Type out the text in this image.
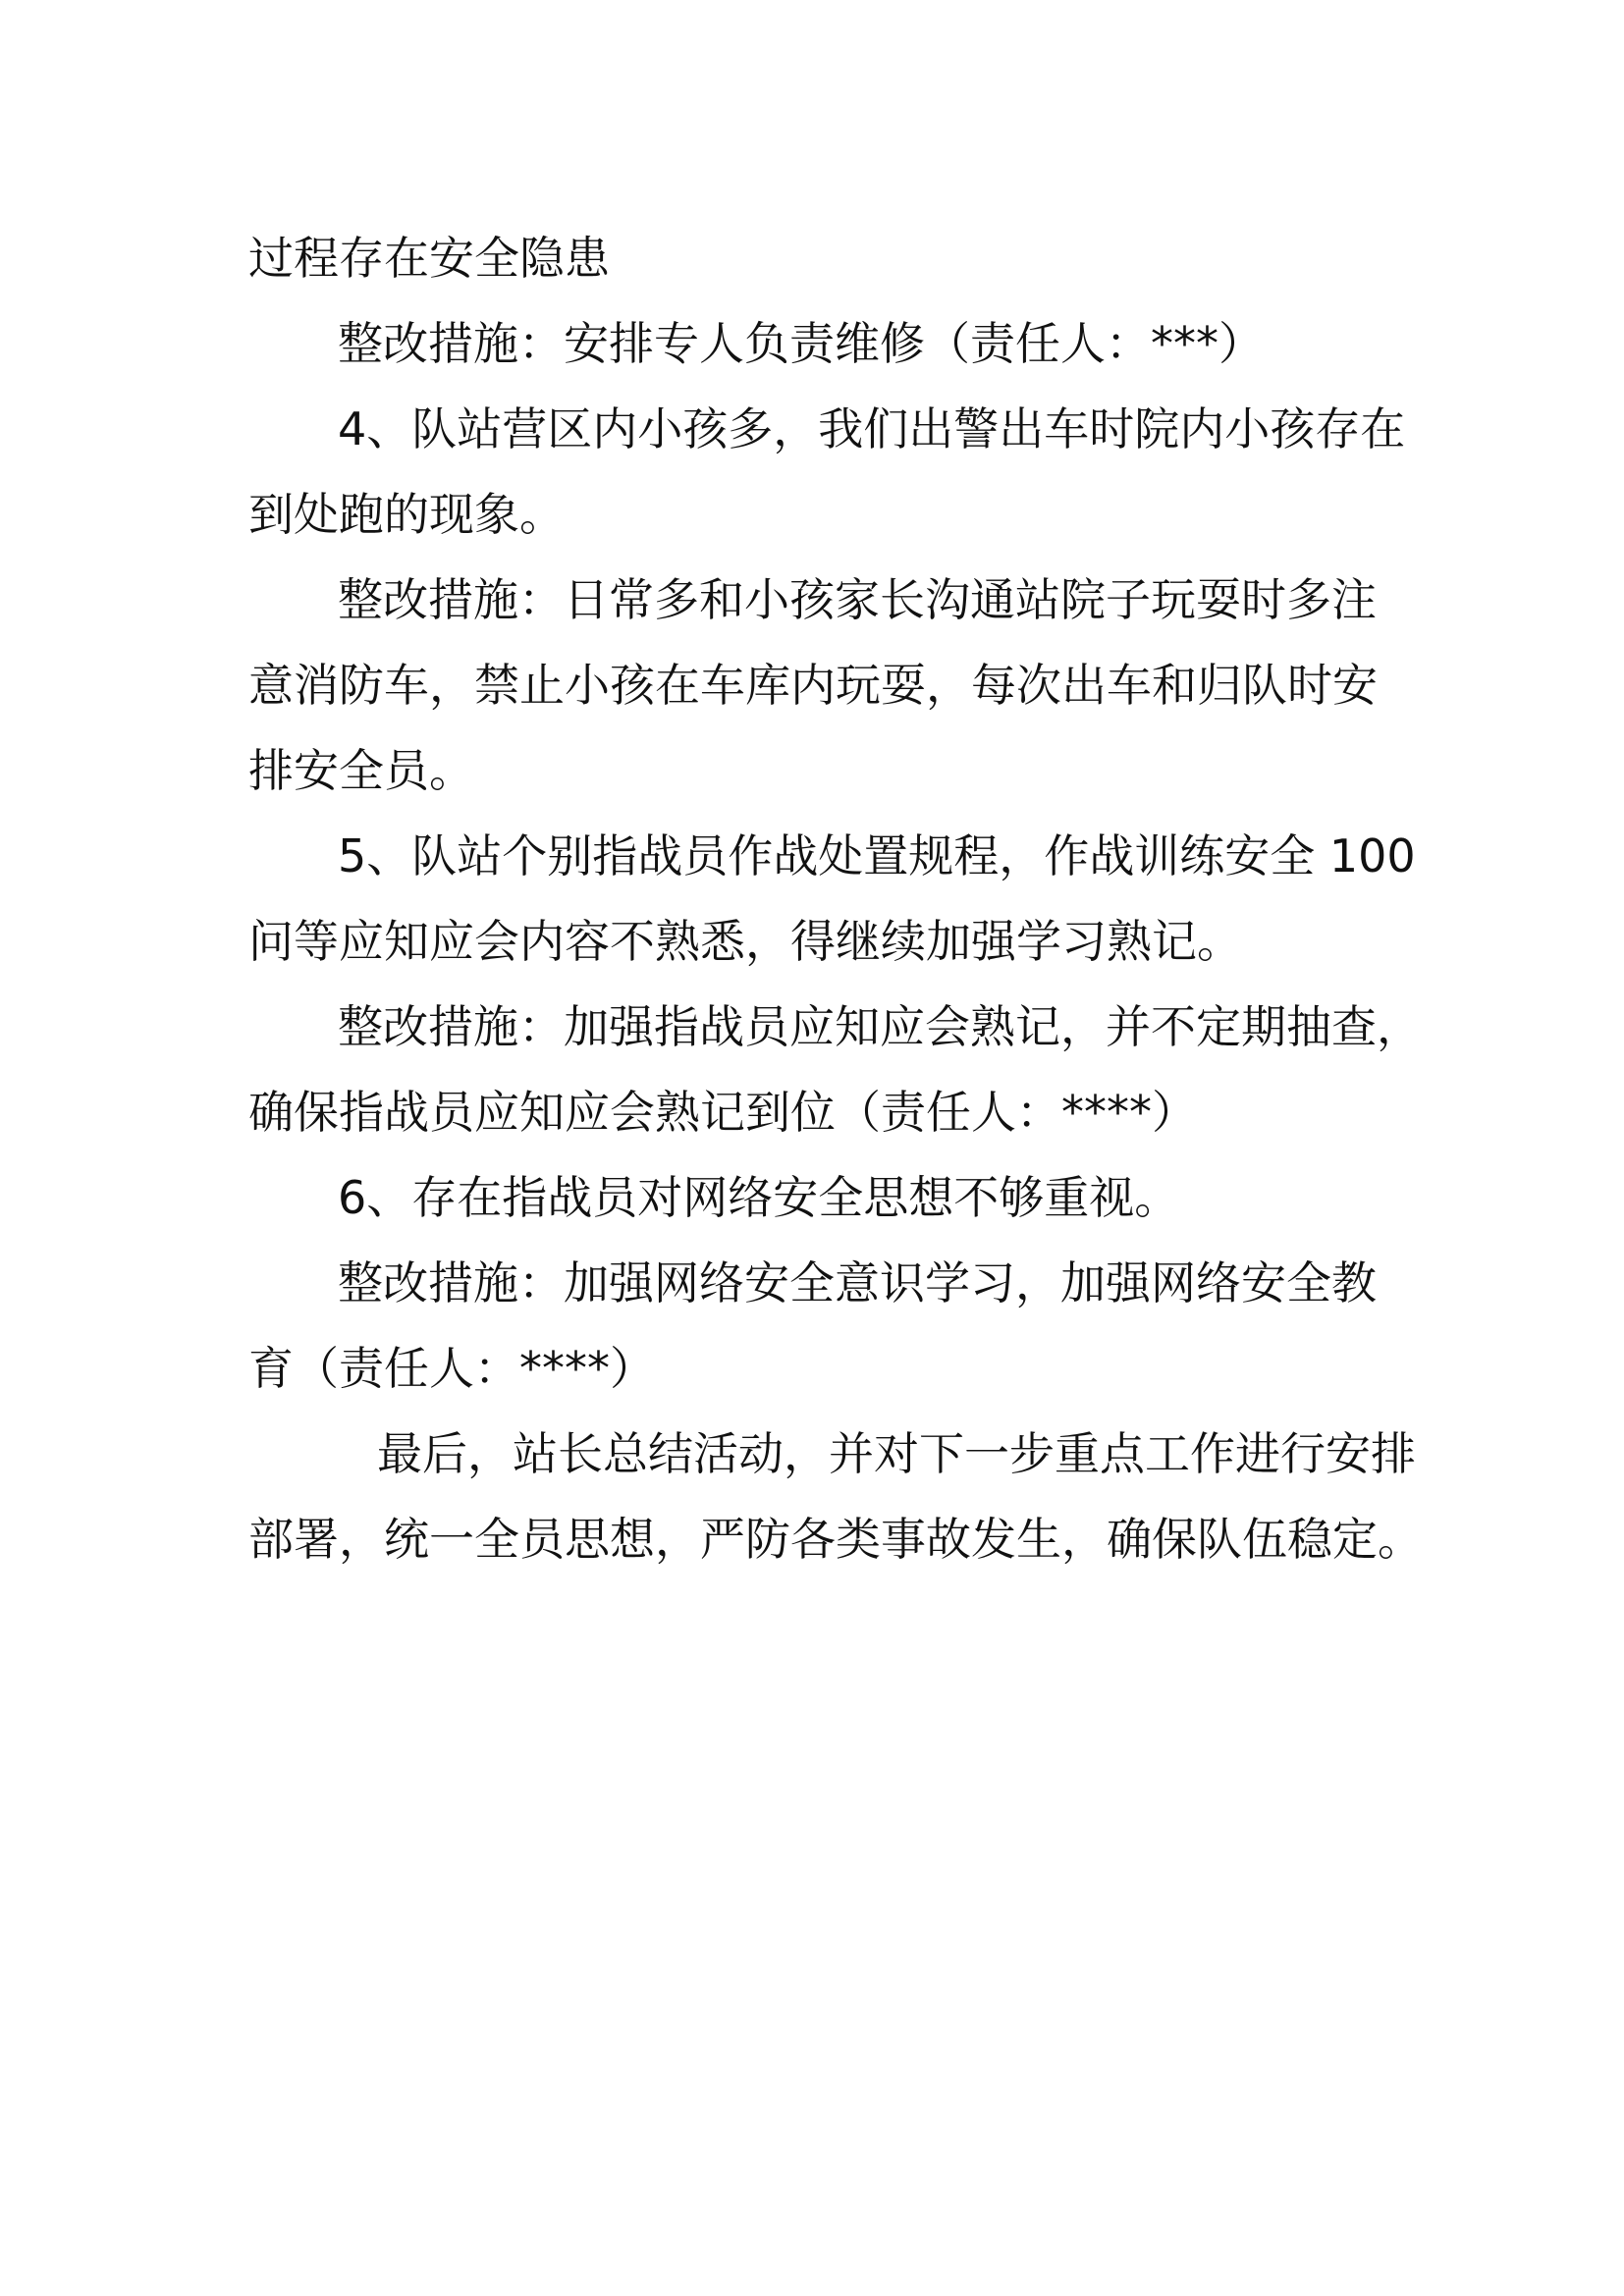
过程存在安全隐患
整改措施：安排专人负责维修（责任人：***）
4、队站营区内小孩多，我们出警出车时院内小孩存在
到处跑的现象。
整改措施：日常多和小孩家长沟通站院子玩耍时多注
意消防车，禁止小孩在车库内玩耍，每次出车和归队时安
排安全员。
5、队站个别指战员作战处置规程，作战训练安全 100
问等应知应会内容不熟悉，得继续加强学习熟记。
整改措施：加强指战员应知应会熟记，并不定期抽查，
确保指战员应知应会熟记到位（责任人：****）
6、存在指战员对网络安全思想不够重视。
整改措施：加强网络安全意识学习，加强网络安全教
育（责任人：****）
最后，站长总结活动，并对下一步重点工作进行安排
部署，统一全员思想，严防各类事故发生，确保队伍稳定。
